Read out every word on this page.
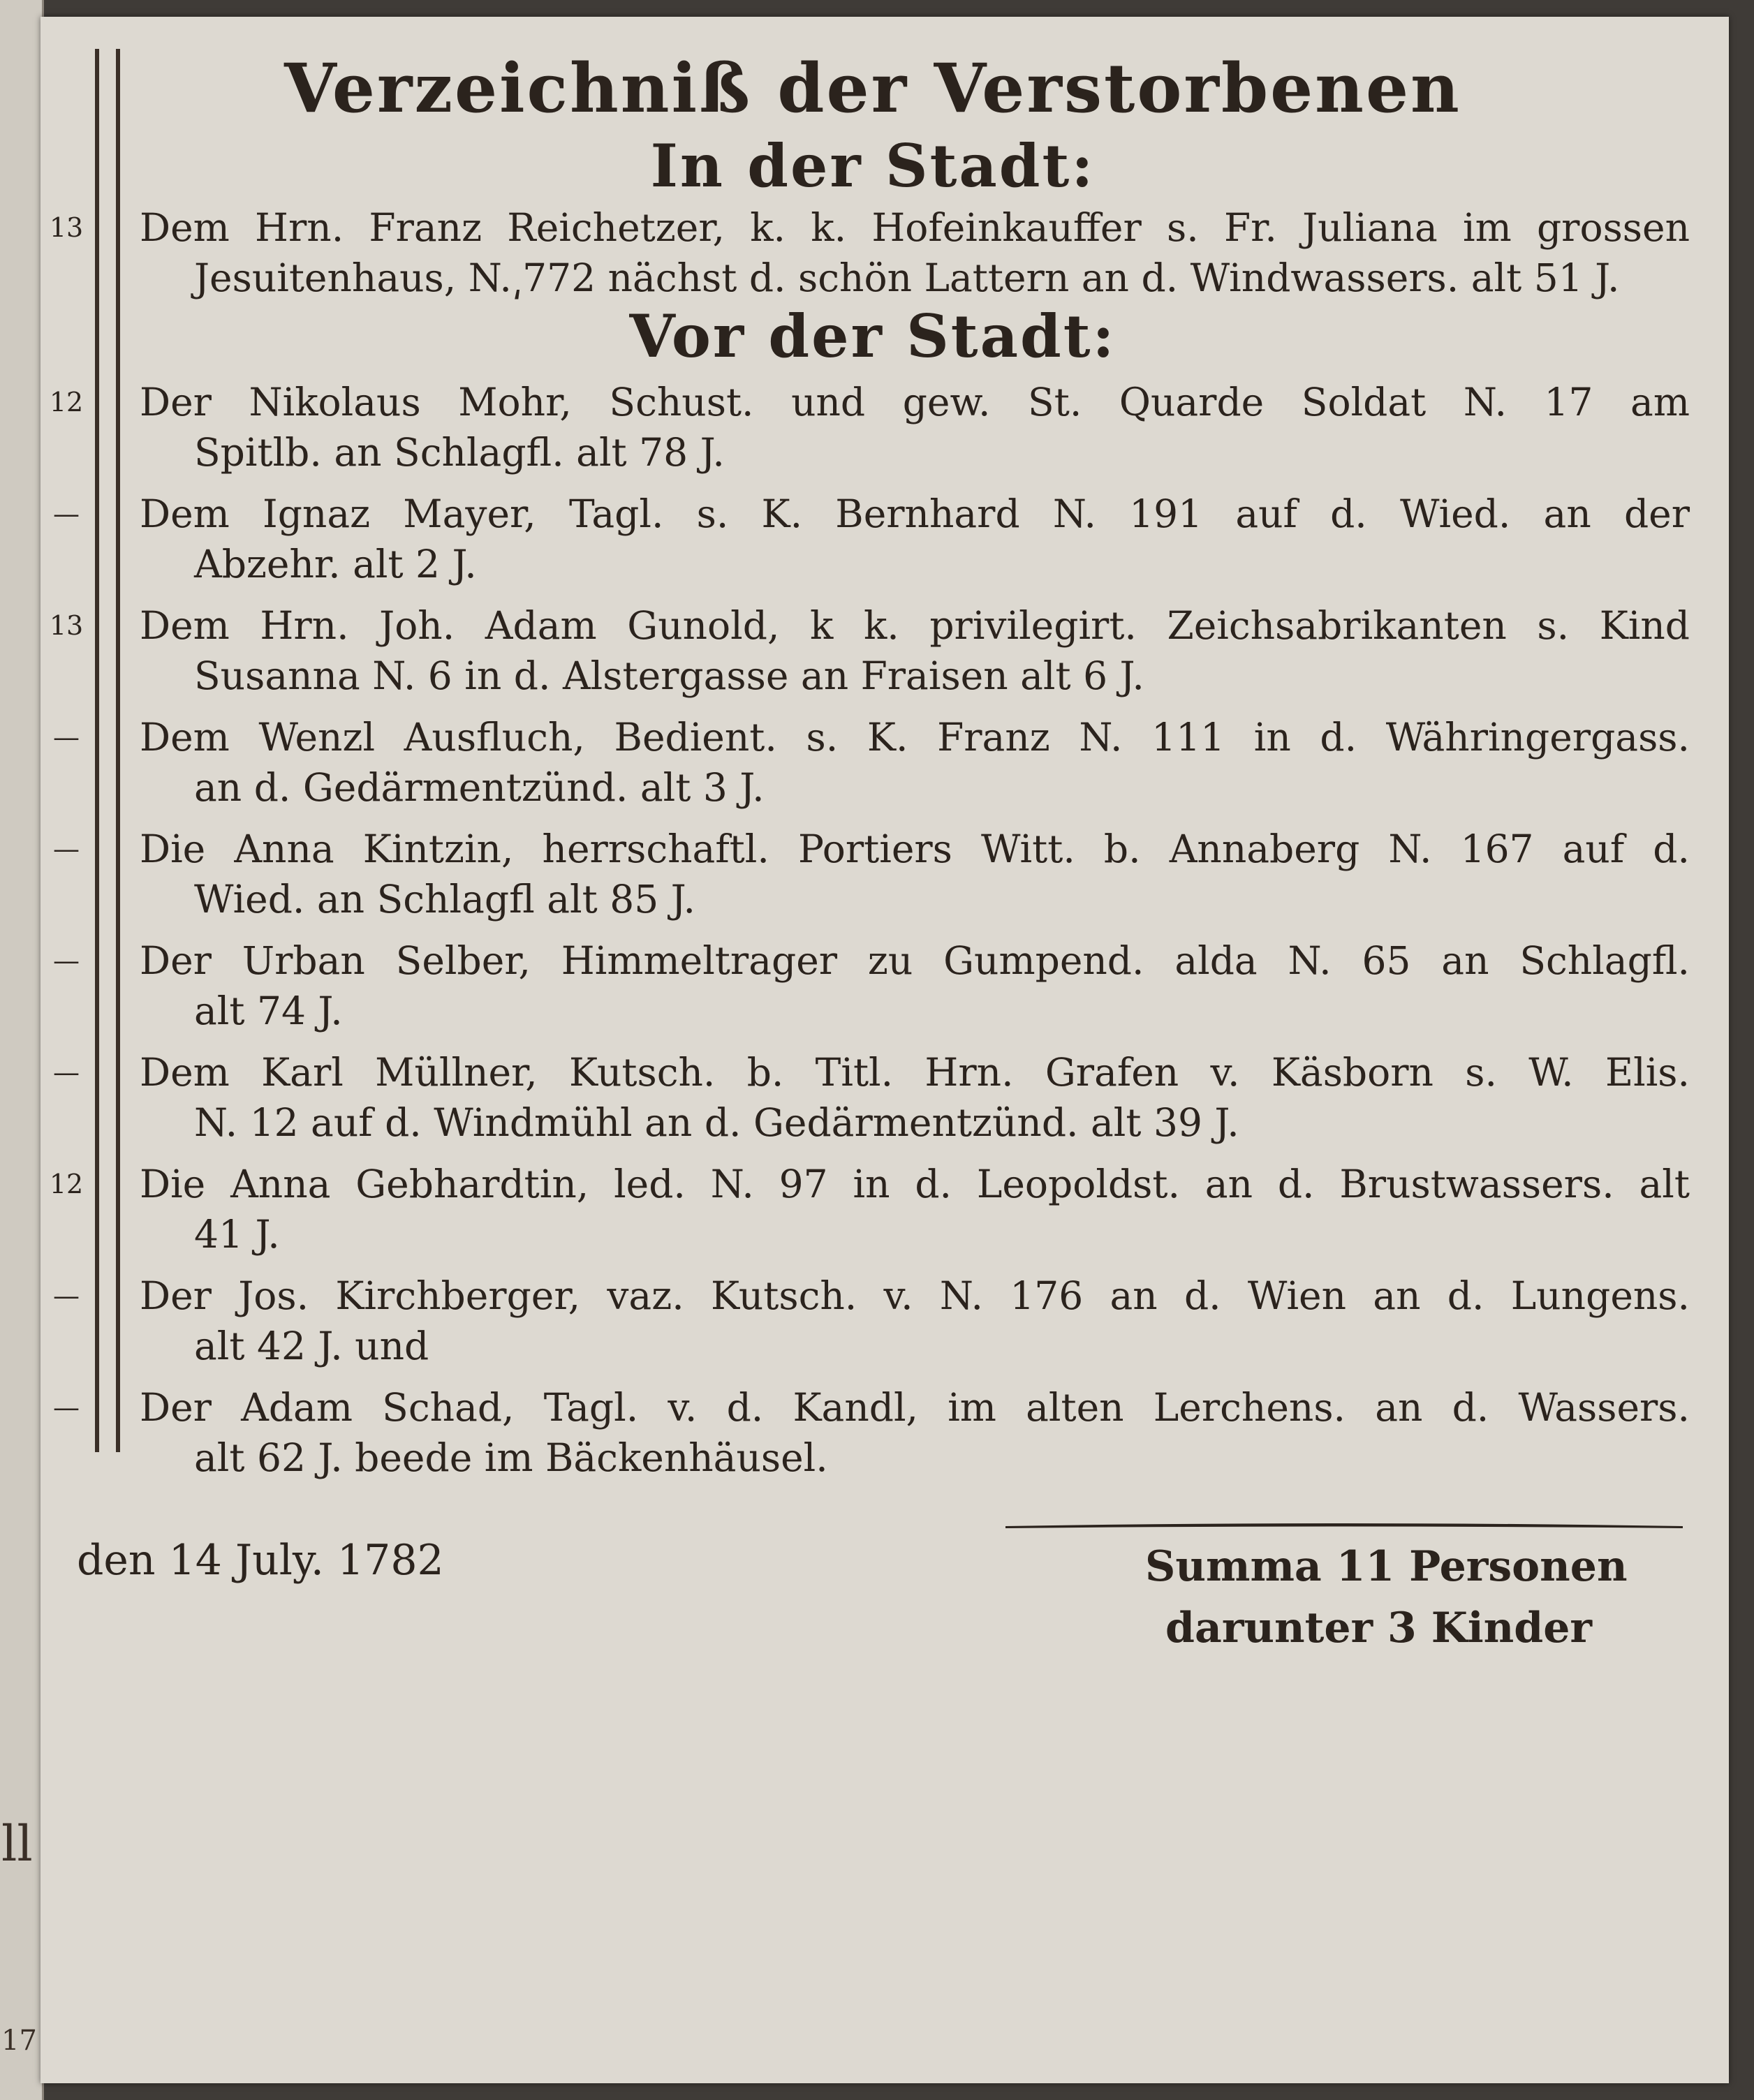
ll
17
Verzeichniß der Verstorbenen
In der Stadt:
Vor der Stadt:
Dem Hrn. Franz Reichetzer, k. k. Hofeinkauffer s. Fr. Juliana im grossen
Jesuitenhaus, N.͵772 nächst d. schön Lattern an d. Windwassers. alt 51 J.
Der Nikolaus Mohr, Schust. und gew. St. Quarde Soldat N. 17 am
Spitlb. an Schlagfl. alt 78 J.
Dem Ignaz Mayer, Tagl. s. K. Bernhard N. 191 auf d. Wied. an der
Abzehr. alt 2 J.
Dem Hrn. Joh. Adam Gunold, k k. privilegirt. Zeichsabrikanten s. Kind
Susanna N. 6 in d. Alstergasse an Fraisen alt 6 J.
Dem Wenzl Ausfluch, Bedient. s. K. Franz N. 111 in d. Währingergass.
an d. Gedärmentzünd. alt 3 J.
Die Anna Kintzin, herrschaftl. Portiers Witt. b. Annaberg N. 167 auf d.
Wied. an Schlagfl alt 85 J.
Der Urban Selber, Himmeltrager zu Gumpend. alda N. 65 an Schlagfl.
alt 74 J.
Dem Karl Müllner, Kutsch. b. Titl. Hrn. Grafen v. Käsborn s. W. Elis.
N. 12 auf d. Windmühl an d. Gedärmentzünd. alt 39 J.
Die Anna Gebhardtin, led. N. 97 in d. Leopoldst. an d. Brustwassers. alt
41 J.
Der Jos. Kirchberger, vaz. Kutsch. v. N. 176 an d. Wien an d. Lungens.
alt 42 J. und
Der Adam Schad, Tagl. v. d. Kandl, im alten Lerchens. an d. Wassers.
alt 62 J. beede im Bäckenhäusel.
13
12
—
13
—
—
—
—
12
—
—
den 14 July. 1782	Summa 11 Personen
darunter 3 Kinder
